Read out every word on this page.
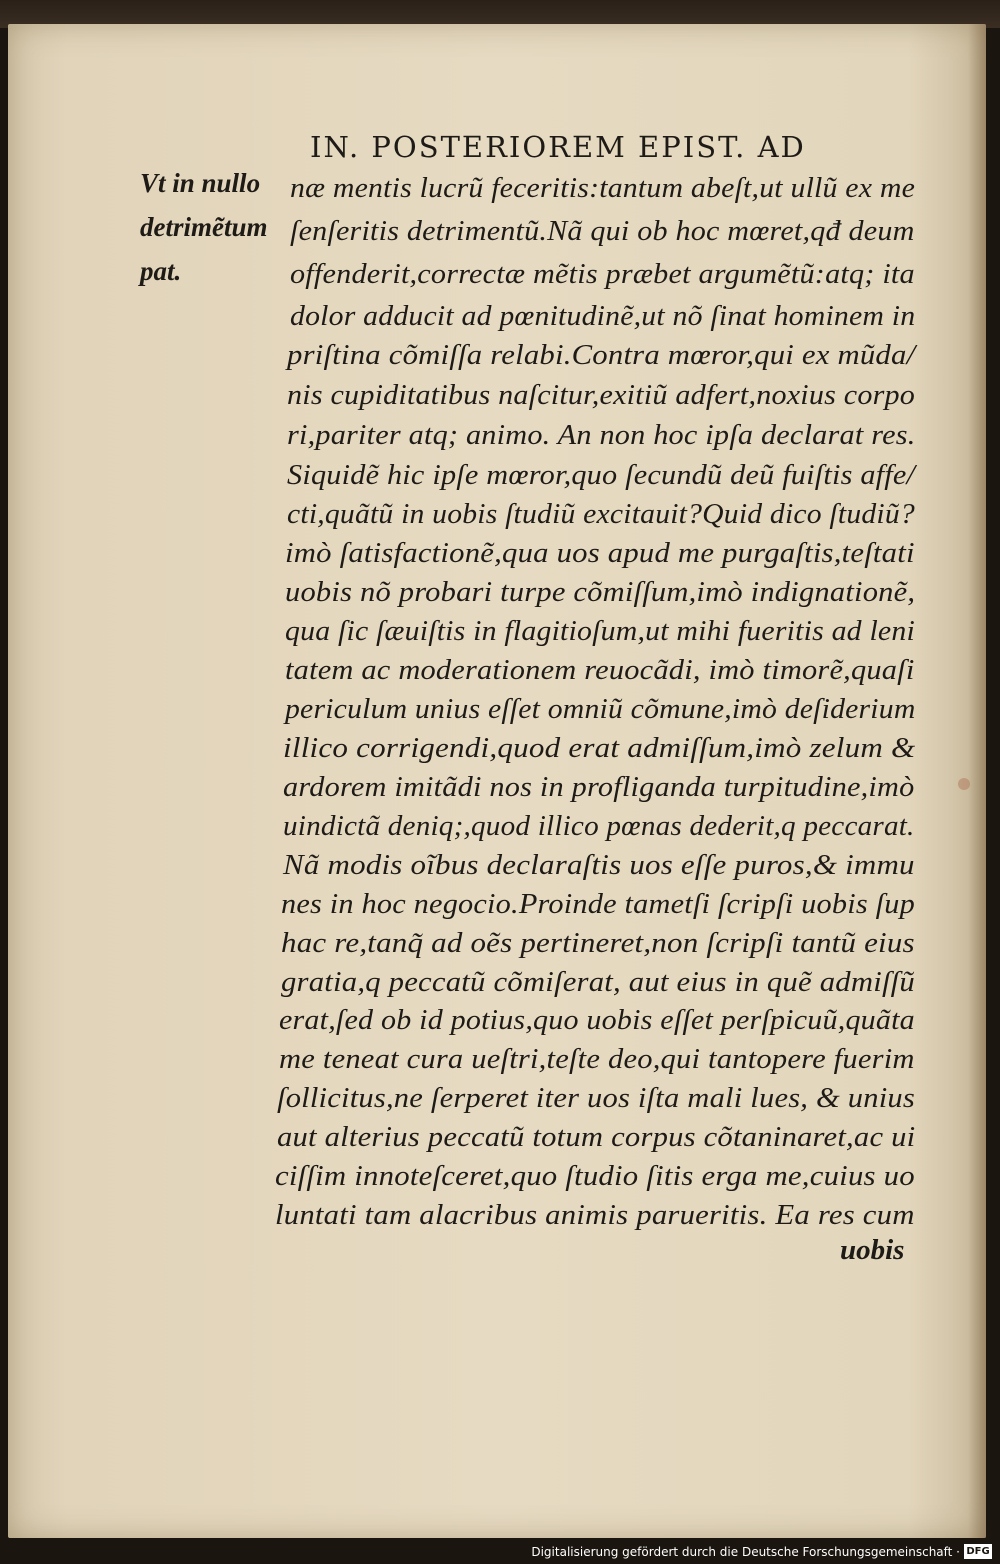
IN. POSTERIOREM EPIST. AD
Vt in nullo
detrimẽtum
pat.
næ mentis lucrũ feceritis:tantum abeſt,ut ullũ ex me
ſenſeritis detrimentũ.Nã qui ob hoc mœret,qđ deum
offenderit,correctæ mẽtis præbet argumẽtũ:atq; ita
dolor adducit ad pœnitudinẽ,ut nõ ſinat hominem in
priſtina cõmiſſa relabi.Contra mœror,qui ex mũda/
nis cupiditatibus naſcitur,exitiũ adfert,noxius corpo
ri,pariter atq; animo. An non hoc ipſa declarat res.
Siquidẽ hic ipſe mœror,quo ſecundũ deũ fuiſtis affe/
cti,quãtũ in uobis ſtudiũ excitauit?Quid dico ſtudiũ?
imò ſatisfactionẽ,qua uos apud me purgaſtis,teſtati
uobis nõ probari turpe cõmiſſum,imò indignationẽ,
qua ſic ſæuiſtis in flagitioſum,ut mihi fueritis ad leni
tatem ac moderationem reuocãdi, imò timorẽ,quaſi
periculum unius eſſet omniũ cõmune,imò deſiderium
illico corrigendi,quod erat admiſſum,imò zelum &
ardorem imitãdi nos in profliganda turpitudine,imò
uindictã deniq;,quod illico pœnas dederit,q peccarat.
Nã modis oĩbus declaraſtis uos eſſe puros,& immu
nes in hoc negocio.Proinde tametſi ſcripſi uobis ſup
hac re,tanq̃ ad oẽs pertineret,non ſcripſi tantũ eius
gratia,q peccatũ cõmiſerat, aut eius in quẽ admiſſũ
erat,ſed ob id potius,quo uobis eſſet perſpicuũ,quãta
me teneat cura ueſtri,teſte deo,qui tantopere fuerim
ſollicitus,ne ſerperet iter uos iſta mali lues, & unius
aut alterius peccatũ totum corpus cõtaninaret,ac ui
ciſſim innoteſceret,quo ſtudio ſitis erga me,cuius uo
luntati tam alacribus animis parueritis. Ea res cum
uobis
Digitalisierung gefördert durch die Deutsche Forschungsgemeinschaft · DFG
